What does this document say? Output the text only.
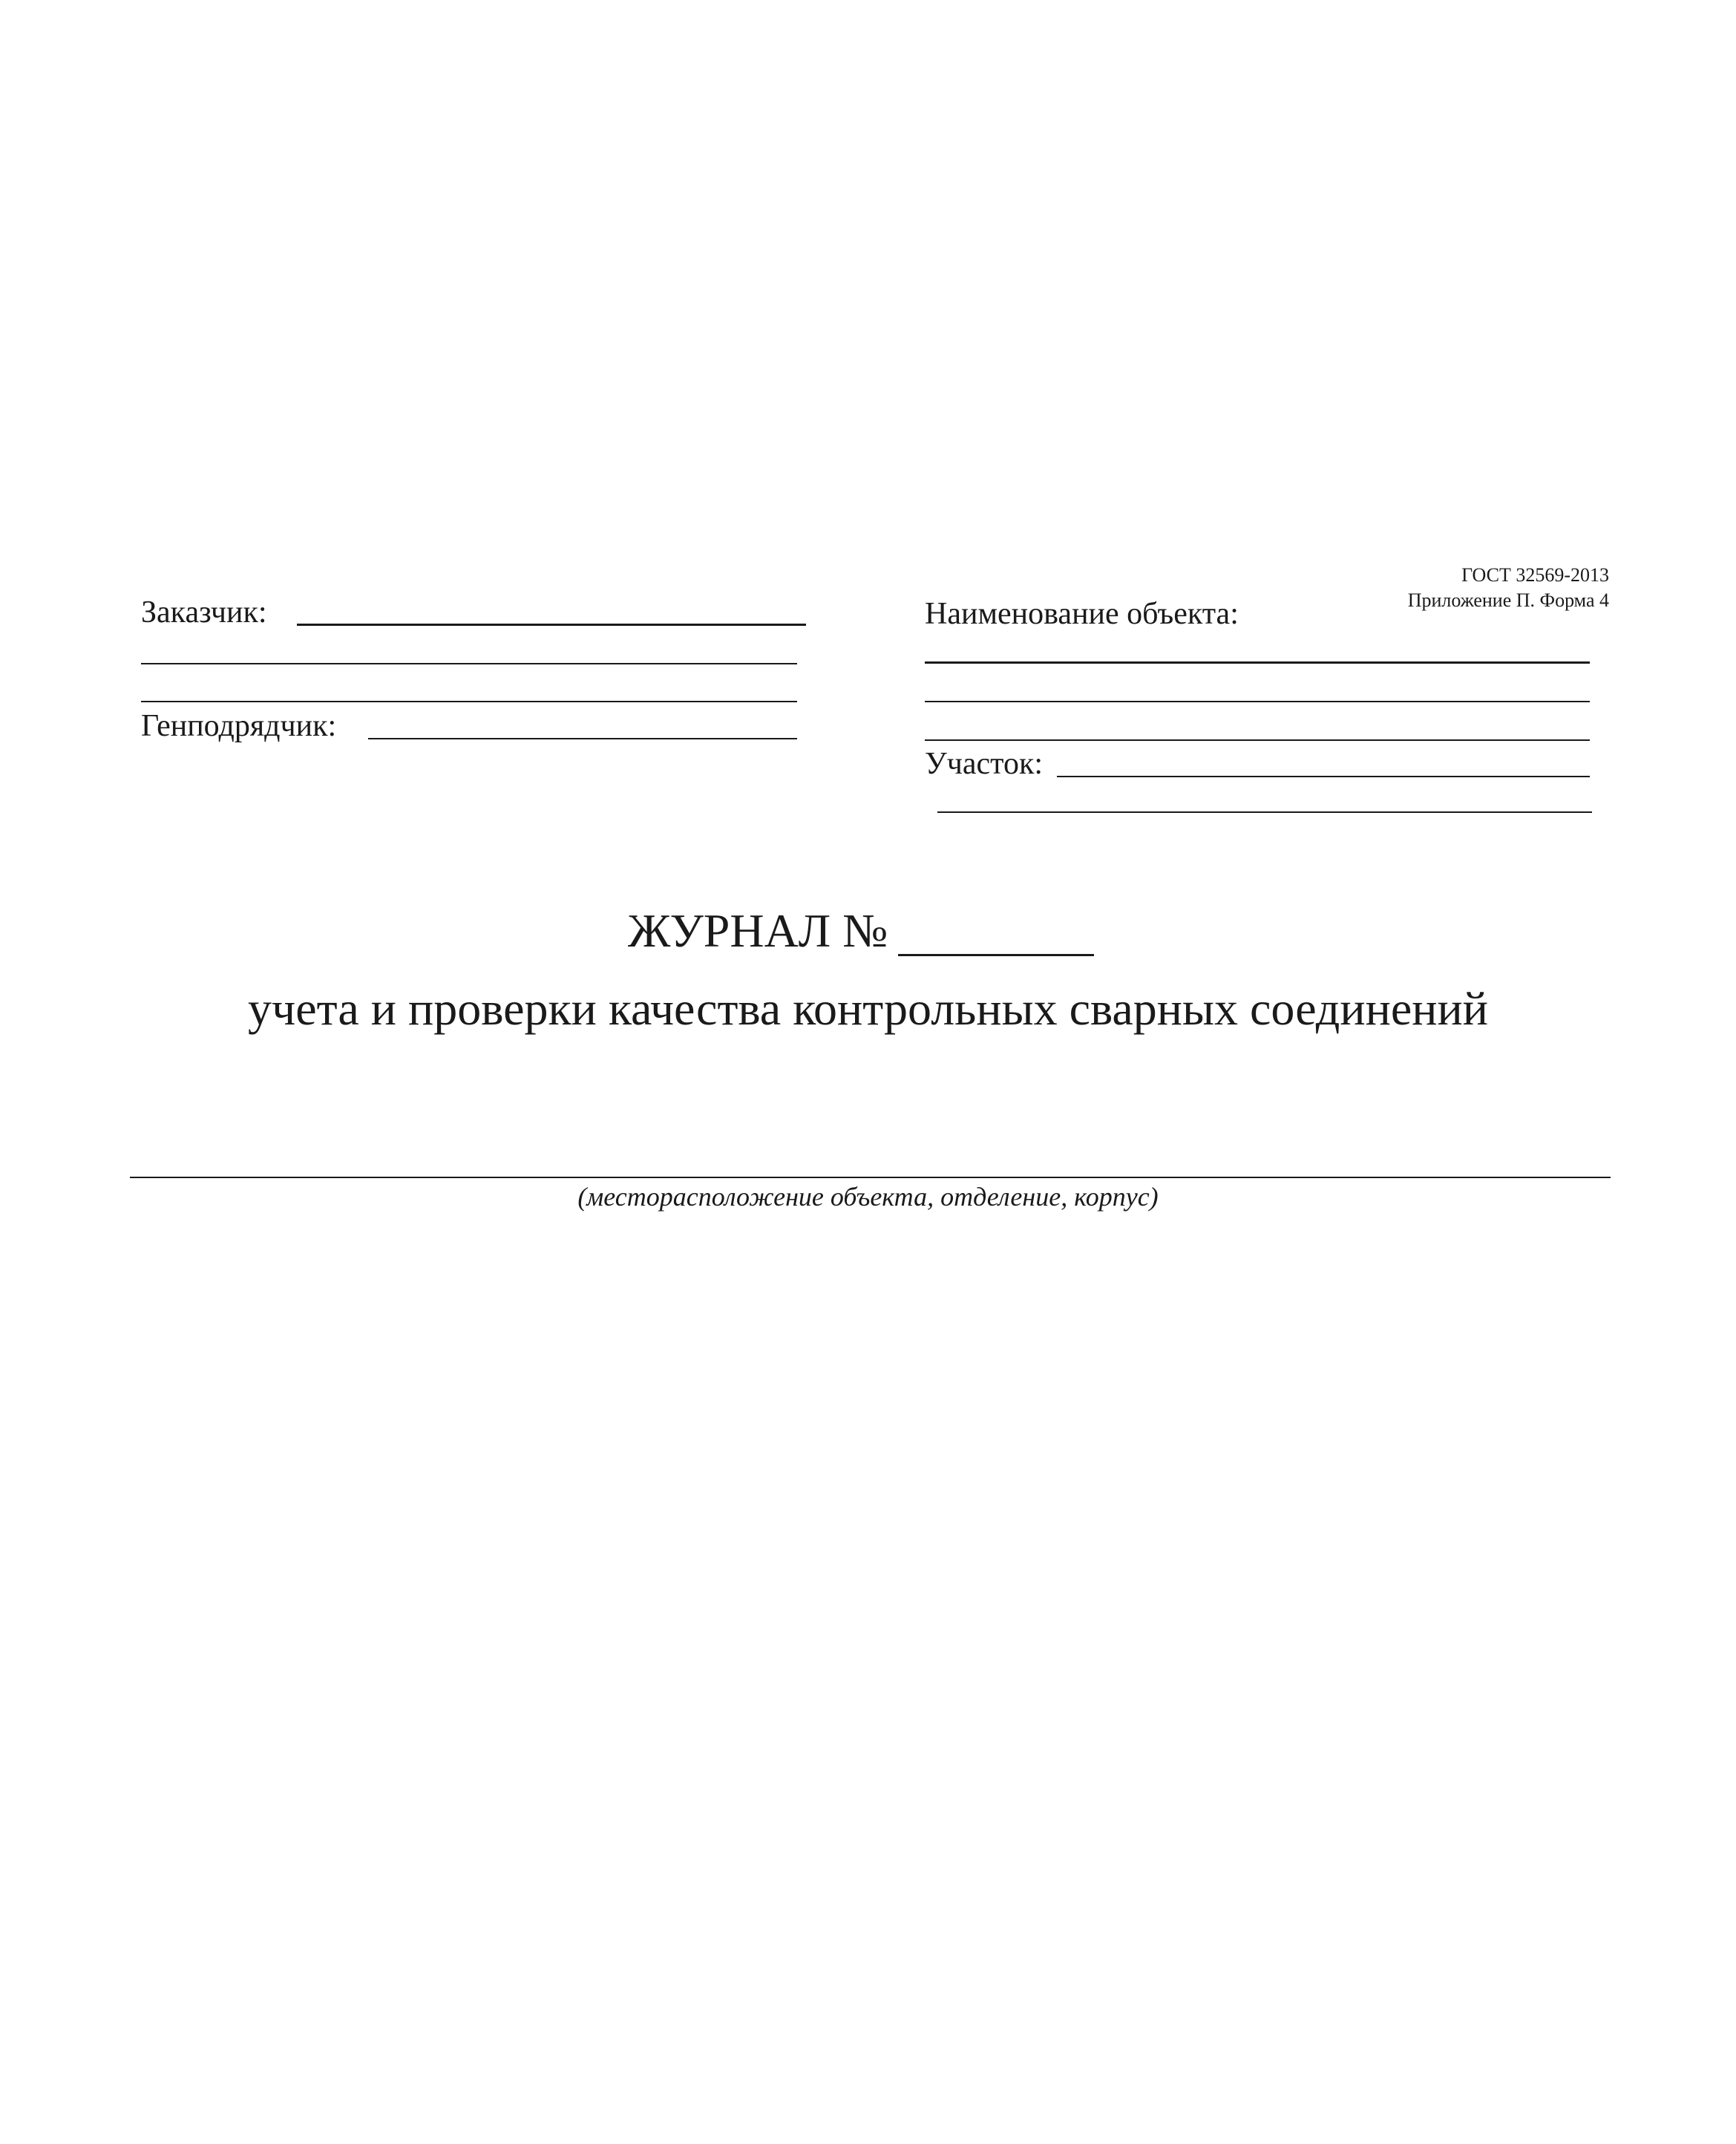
ГОСТ 32569-2013
Приложение П. Форма 4
Заказчик:
Генподрядчик:
Наименование объекта:
Участок:
ЖУРНАЛ №
учета и проверки качества контрольных сварных соединений
(месторасположение объекта, отделение, корпус)
